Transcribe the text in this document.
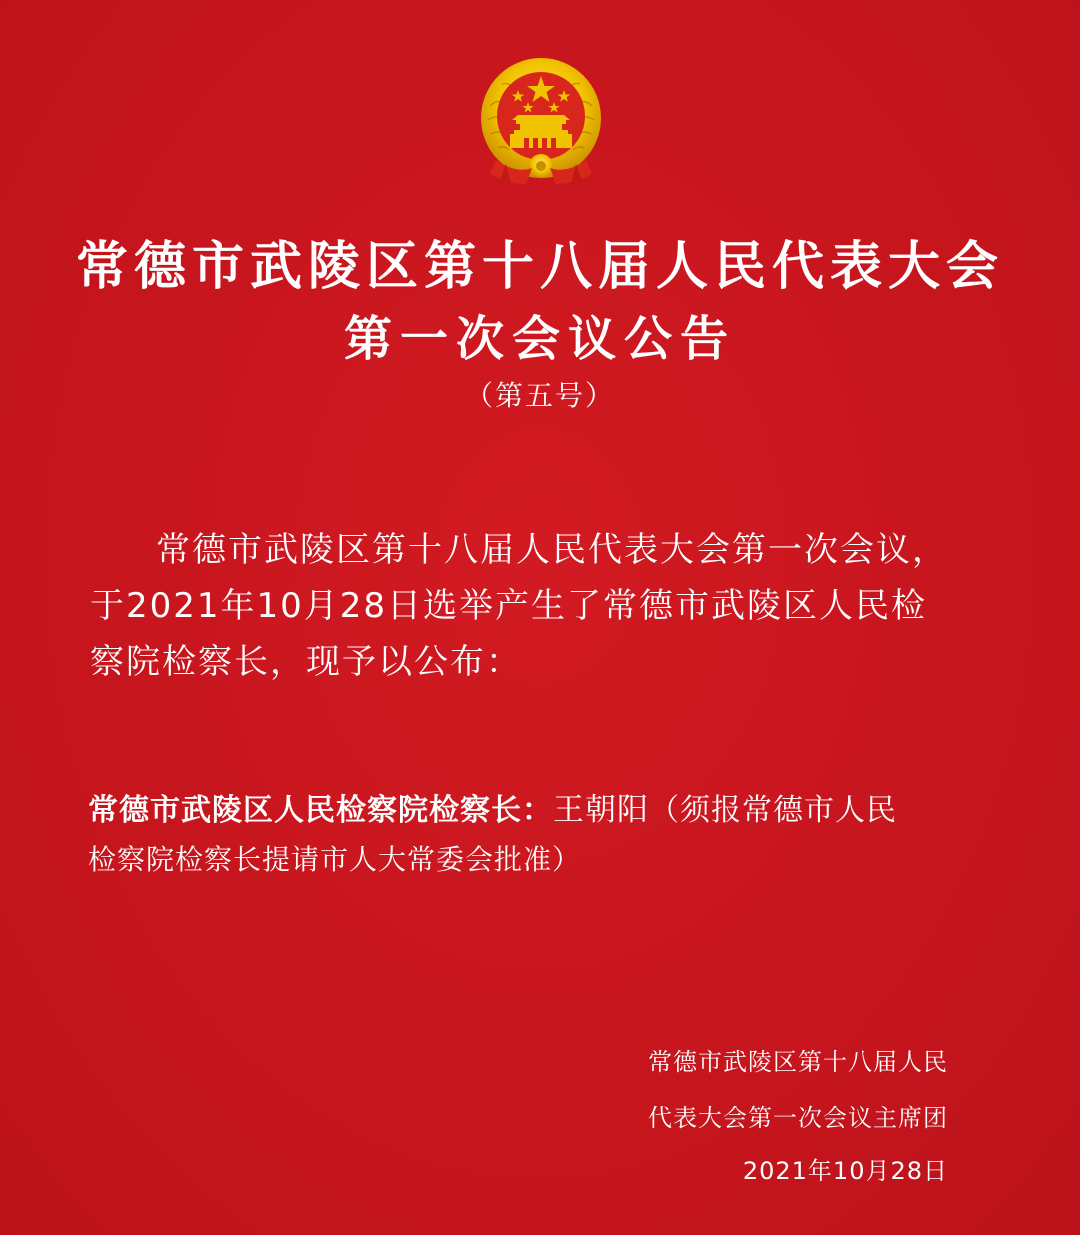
常德市武陵区第十八届人民代表大会
第一次会议公告
（第五号）
常德市武陵区第十八届人民代表大会第一次会议，
于2021年10月28日选举产生了常德市武陵区人民检
察院检察长，现予以公布：
常德市武陵区人民检察院检察长：王朝阳（须报常德市人民
检察院检察长提请市人大常委会批准）
常德市武陵区第十八届人民
代表大会第一次会议主席团
2021年10月28日
